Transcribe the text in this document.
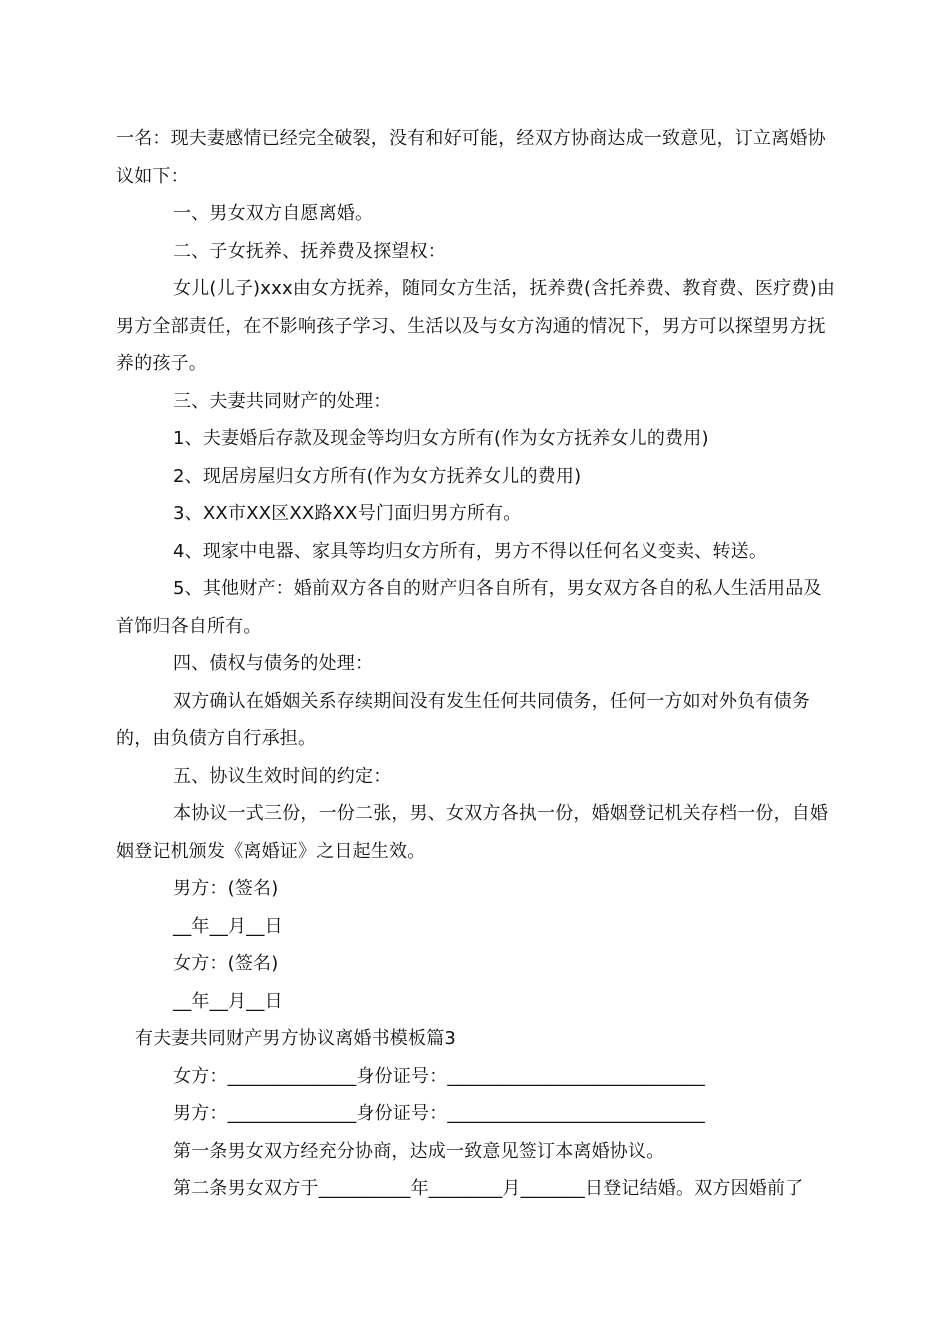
一名：现夫妻感情已经完全破裂，没有和好可能，经双方协商达成一致意见，订立离婚协议如下：

一、男女双方自愿离婚。

二、子女抚养、抚养费及探望权：

女儿(儿子)xxx由女方抚养，随同女方生活，抚养费(含托养费、教育费、医疗费)由男方全部责任，在不影响孩子学习、生活以及与女方沟通的情况下，男方可以探望男方抚养的孩子。

三、夫妻共同财产的处理：

1、夫妻婚后存款及现金等均归女方所有(作为女方抚养女儿的费用)

2、现居房屋归女方所有(作为女方抚养女儿的费用)

3、XX市XX区XX路XX号门面归男方所有。

4、现家中电器、家具等均归女方所有，男方不得以任何名义变卖、转送。

5、其他财产：婚前双方各自的财产归各自所有，男女双方各自的私人生活用品及首饰归各自所有。

四、债权与债务的处理：

双方确认在婚姻关系存续期间没有发生任何共同债务，任何一方如对外负有债务的，由负债方自行承担。

五、协议生效时间的约定：

本协议一式三份，一份二张，男、女双方各执一份，婚姻登记机关存档一份，自婚姻登记机颁发《离婚证》之日起生效。

男方：(签名)

__年__月__日

女方：(签名)

__年__月__日

有夫妻共同财产男方协议离婚书模板篇3

女方：______________身份证号：____________________________

男方：______________身份证号：____________________________

第一条男女双方经充分协商，达成一致意见签订本离婚协议。

第二条男女双方于__________年________月_______日登记结婚。双方因婚前了
